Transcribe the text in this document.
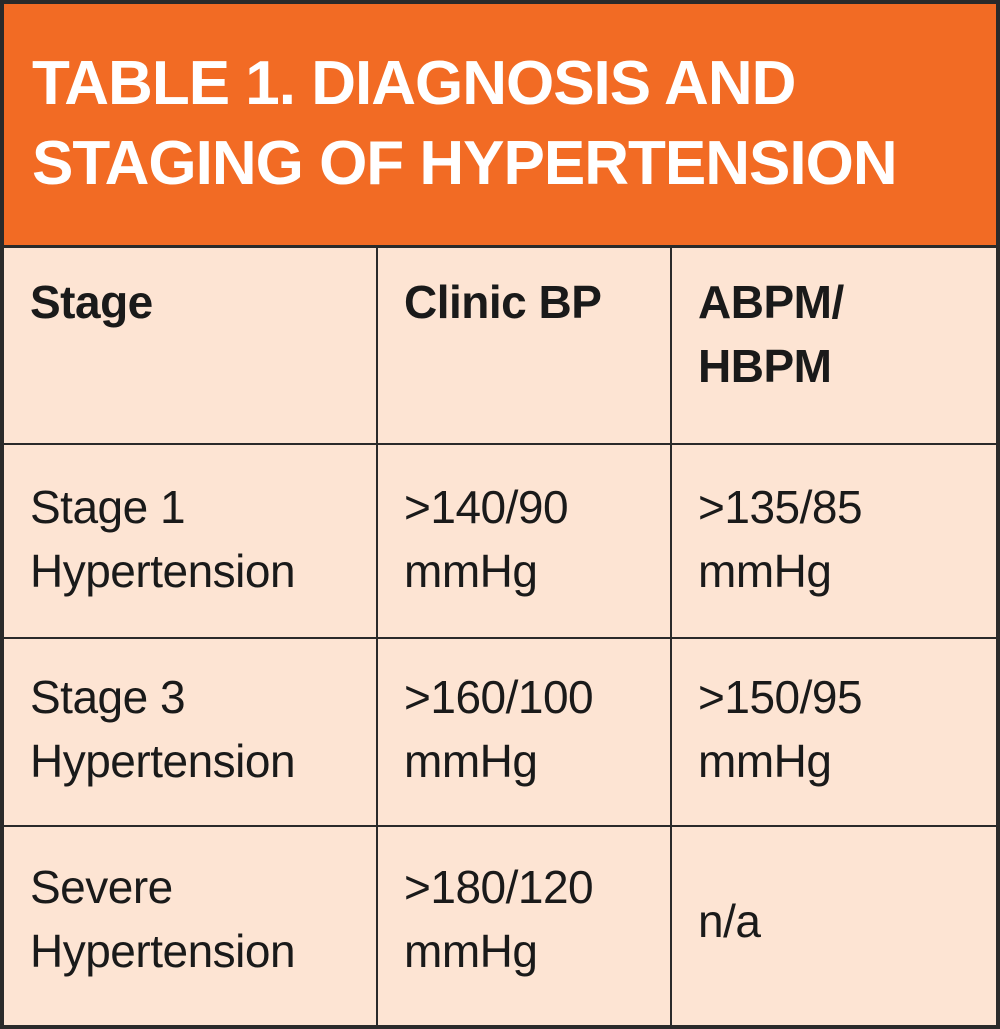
TABLE 1. DIAGNOSIS AND
STAGING OF HYPERTENSION
Stage	Clinic BP	ABPM/
HBPM
Stage 1
Hypertension
>140/90
mmHg
>135/85
mmHg
Stage 3
Hypertension
>160/100
mmHg
>150/95
mmHg
Severe
Hypertension
>180/120
mmHg
n/a
